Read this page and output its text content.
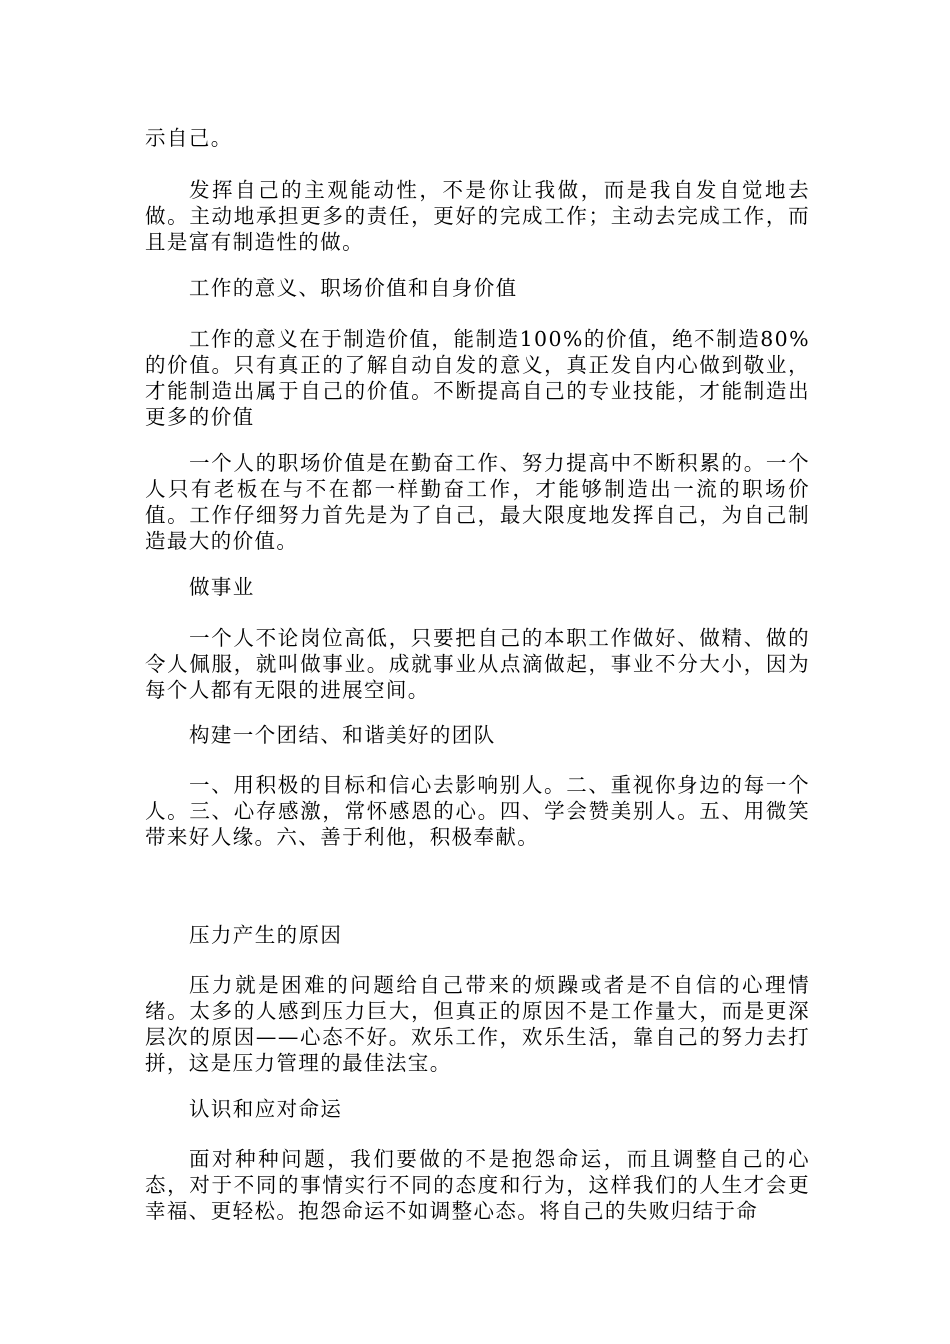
示自己。

发挥自己的主观能动性，不是你让我做，而是我自发自觉地去做。主动地承担更多的责任，更好的完成工作；主动去完成工作，而且是富有制造性的做。

工作的意义、职场价值和自身价值

工作的意义在于制造价值，能制造100%的价值，绝不制造80%的价值。只有真正的了解自动自发的意义，真正发自内心做到敬业，才能制造出属于自己的价值。不断提高自己的专业技能，才能制造出更多的价值

一个人的职场价值是在勤奋工作、努力提高中不断积累的。一个人只有老板在与不在都一样勤奋工作，才能够制造出一流的职场价值。工作仔细努力首先是为了自己，最大限度地发挥自己，为自己制造最大的价值。

做事业

一个人不论岗位高低，只要把自己的本职工作做好、做精、做的令人佩服，就叫做事业。成就事业从点滴做起，事业不分大小，因为每个人都有无限的进展空间。

构建一个团结、和谐美好的团队

一、用积极的目标和信心去影响别人。二、重视你身边的每一个人。三、心存感激，常怀感恩的心。四、学会赞美别人。五、用微笑带来好人缘。六、善于利他，积极奉献。

压力产生的原因

压力就是困难的问题给自己带来的烦躁或者是不自信的心理情绪。太多的人感到压力巨大，但真正的原因不是工作量大，而是更深层次的原因——心态不好。欢乐工作，欢乐生活，靠自己的努力去打拼，这是压力管理的最佳法宝。

认识和应对命运

面对种种问题，我们要做的不是抱怨命运，而且调整自己的心态，对于不同的事情实行不同的态度和行为，这样我们的人生才会更幸福、更轻松。抱怨命运不如调整心态。将自己的失败归结于命
